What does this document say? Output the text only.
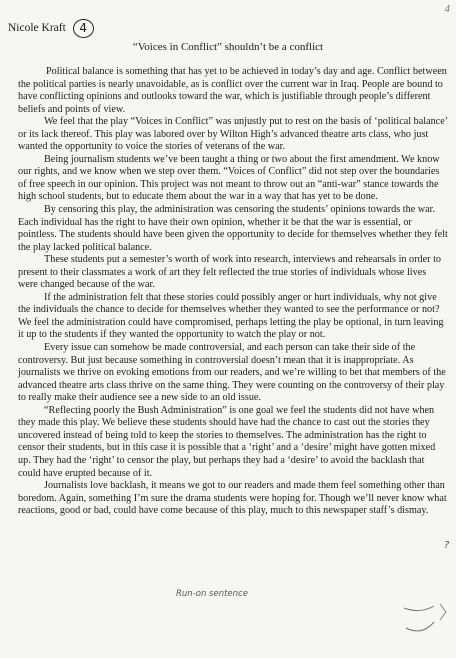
4
Nicole Kraft 4
“Voices in Conflict” shouldn’t be a conflict

Political balance is something that has yet to be achieved in today’s day and age. Conflict between the political parties is nearly unavoidable, as is conflict over the current war in Iraq. People are bound to have conflicting opinions and outlooks toward the war, which is justifiable through people’s different beliefs and points of view.

We feel that the play “Voices in Conflict” was unjustly put to rest on the basis of ‘political balance’ or its lack thereof. This play was labored over by Wilton High’s advanced theatre arts class, who just wanted the opportunity to voice the stories of veterans of the war.

Being journalism students we’ve been taught a thing or two about the first amendment. We know our rights, and we know when we step over them. “Voices of Conflict” did not step over the boundaries of free speech in our opinion. This project was not meant to throw out an “anti-war” stance towards the high school students, but to educate them about the war in a way that has yet to be done.

By censoring this play, the administration was censoring the students’ opinions towards the war. Each individual has the right to have their own opinion, whether it be that the war is essential, or pointless. The students should have been given the opportunity to decide for themselves whether they felt the play lacked political balance.

These students put a semester’s worth of work into research, interviews and rehearsals in order to present to their classmates a work of art they felt reflected the true stories of individuals whose lives were changed because of the war.

If the administration felt that these stories could possibly anger or hurt individuals, why not give the individuals the chance to decide for themselves whether they wanted to see the performance or not? We feel the administration could have compromised, perhaps letting the play be optional, in turn leaving it up to the students if they wanted the opportunity to watch the play or not.

Every issue can somehow be made controversial, and each person can take their side of the controversy. But just because something in controversial doesn’t mean that it is inappropriate. As journalists we thrive on evoking emotions from our readers, and we’re willing to bet that members of the advanced theatre arts class thrive on the same thing. They were counting on the controversy of their play to really make their audience see a new side to an old issue.

“Reflecting poorly the Bush Administration” is one goal we feel the students did not have when they made this play. We believe these students should have had the chance to cast out the stories they uncovered instead of being told to keep the stories to themselves. The administration has the right to censor their students, but in this case it is possible that a ‘right’ and a ‘desire’ might have gotten mixed up. They had the ‘right’ to censor the play, but perhaps they had a ‘desire’ to avoid the backlash that could have erupted because of it.

Journalists love backlash, it means we got to our readers and made them feel something other than boredom. Again, something I’m sure the drama students were hoping for. Though we’ll never know what reactions, good or bad, could have come because of this play, much to this newspaper staff’s dismay.

Run-on sentence
?
